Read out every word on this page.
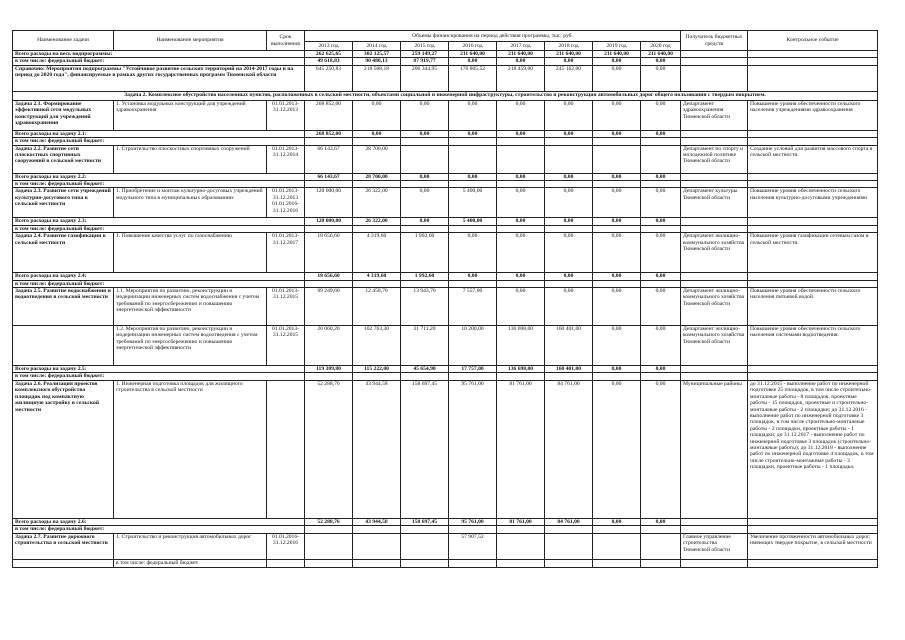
Наименование задачи	Наименование мероприятия	Срок выполнения	Объемы финансирования на период действия программы, тыс. руб.								Получатель бюджетных средств	Контрольное событие
			2013 год	2014 год	2015 год	2016 год	2017 год	2018 год	2019 год	2020 год		
Всего расходы на весь подпрограммы:			262 625,65	302 125,57	259 149,27	211 640,00	211 640,00	211 640,00	211 640,00	211 640,00		
в том числе: федеральный бюджет:			49 618,83	90 480,13	87 919,77	0,00	0,00	0,00	0,00	0,00		
Справочно: Мероприятия подпрограммы "Устойчивое развитие сельских территорий на 2014-2017 годы и на период до 2020 года", финансируемые в рамках других государственных программ Тюменской области			645 250,83	218 508,18	206 344,95	176 805,52	218 459,00	245 162,00	0,00	0,00		
Задача 2. Комплексное обустройство населенных пунктов, расположенных в сельской местности, объектами социальной и инженерной инфраструктуры, строительство и реконструкция автомобильных дорог общего пользования с твердым покрытием.												
Задача 2.1. Формирование эффективной сети модульных конструкций для учреждений здравоохранения	1. Установка модульных конструкций для учреждений здравоохранения	01.01.2013-31.12.2013	268 852,00	0,00	0,00	0,00	0,00	0,00	0,00	0,00	Департамент здравоохранения Тюменской области	Повышение уровня обеспеченности сельского населения учреждениями здравоохранения
Всего расходы на задачу 2.1:			268 852,00	0,00	0,00	0,00	0,00	0,00	0,00	0,00		
в том числе: федеральный бюджет:												
Задача 2.2. Развитие сети плоскостных спортивных сооружений в сельской местности	1. Строительство плоскостных спортивных сооружений	01.01.2013-31.12.2014	66 143,67	28 700,00							Департамент по спорту и молодежной политике Тюменской области	Создание условий для развития массового спорта в сельской местности.
Всего расходы на задачу 2.2:			66 143,67	28 700,00	0,00	0,00	0,00	0,00	0,00	0,00		
в том числе: федеральный бюджет:												
Задача 2.3. Развитие сети учреждений культурно-досугового типа в сельской местности	1. Приобретение и монтаж культурно-досуговых учреждений модульного типа в муниципальных образованиях	01.01.2013-31.12.2013 01.01.2016-31.12.2016	120 000,00	26 322,00	0,00	5 400,00	0,00	0,00	0,00	0,00	Департамент культуры Тюменской области	Повышение уровня обеспеченности сельского населения культурно-досуговыми учреждениями
Всего расходы на задачу 2.3:			120 000,00	26 322,00	0,00	5 400,00	0,00	0,00	0,00	0,00		
в том числе: федеральный бюджет:												
Задача 2.4. Развитие газификации в сельской местности	1. Повышение качества услуг по газоснабжению	01.01.2013-31.12.2017	18 656,60	4 319,60	1 992,60	0,00	0,00	0,00	0,00	0,00	Департамент жилищно-коммунального хозяйства Тюменской области	Повышение уровня газификации сетевым газом в сельской местности.
Всего расходы на задачу 2.4:			18 656,60	4 319,60	1 992,60	0,00	0,00	0,00	0,00	0,00		
в том числе: федеральный бюджет:												
Задача 2.5. Развитие водоснабжения и водоотведения в сельской местности	1.1. Мероприятия по развитию, реконструкции и модернизации инженерных систем водоснабжения с учетом требований по энергосбережению и повышению энергетической эффективности	01.01.2013-31.12.2015	99 249,60	12 458,70	13 943,70	7 557,00	0,00	0,00	0,00	0,00	Департамент жилищно-коммунального хозяйства Тюменской области	Повышение уровня обеспеченности сельского населения питьевой водой.
	1.2. Мероприятия по развитию, реконструкции и модернизации инженерных систем водоотведения с учетом требований по энергосбережению и повышению энергетической эффективности	01.01.2013-31.12.2015	20 060,20	102 763,30	31 711,20	10 200,00	136 698,00	160 401,00	0,00	0,00	Департамент жилищно-коммунального хозяйства Тюменской области	Повышение уровня обеспеченности сельского населения системами водоотведения.
Всего расходы на задачу 2.5:			119 309,80	115 222,00	45 654,90	17 757,00	136 698,00	160 401,00	0,00	0,00		
в том числе: федеральный бюджет:												
Задача 2.6. Реализация проектов комплексного обустройства площадок под компактную жилищную застройку в сельской местности	1. Инженерная подготовка площадок для жилищного строительства в сельской местности		52 288,76	43 944,58	158 697,45	95 761,00	81 761,00	84 761,00	0,00	0,00	Муниципальные районы	до 31.12.2015 - выполнение работ по инженерной подготовке 25 площадок, в том числе строительно-монтажные работы - 8 площадок, проектные работы - 15 площадок, проектные и строительно-монтажные работы - 2 площадки; до 31.12.2016 - выполнение работ по инженерной подготовке 3 площадок, в том числе строительно-монтажные работы - 2 площадки, проектные работы - 1 площадки; до 31.12.2017 - выполнение работ по инженерной подготовке 3 площадок (строительно-монтажные работы); до 31.12.2018 - выполнение работ по инженерной подготовке 4 площадок, в том числе строительно-монтажные работы - 3 площадки, проектные работы - 1 площадка.
Всего расходы на задачу 2.6:			52 288,76	43 944,58	158 697,45	95 761,00	81 761,00	84 761,00	0,00	0,00		
в том числе: федеральный бюджет:												
Задача 2.7. Развитие дорожного строительства в сельской местности	1. Строительство и реконструкция автомобильных дорог	01.01.2016-31.12.2016				57 907,52					Главное управление строительства Тюменской области	Увеличение протяженности автомобильных дорог, имеющих твердое покрытие, в сельской местности
	в том числе: федеральный бюджет											
